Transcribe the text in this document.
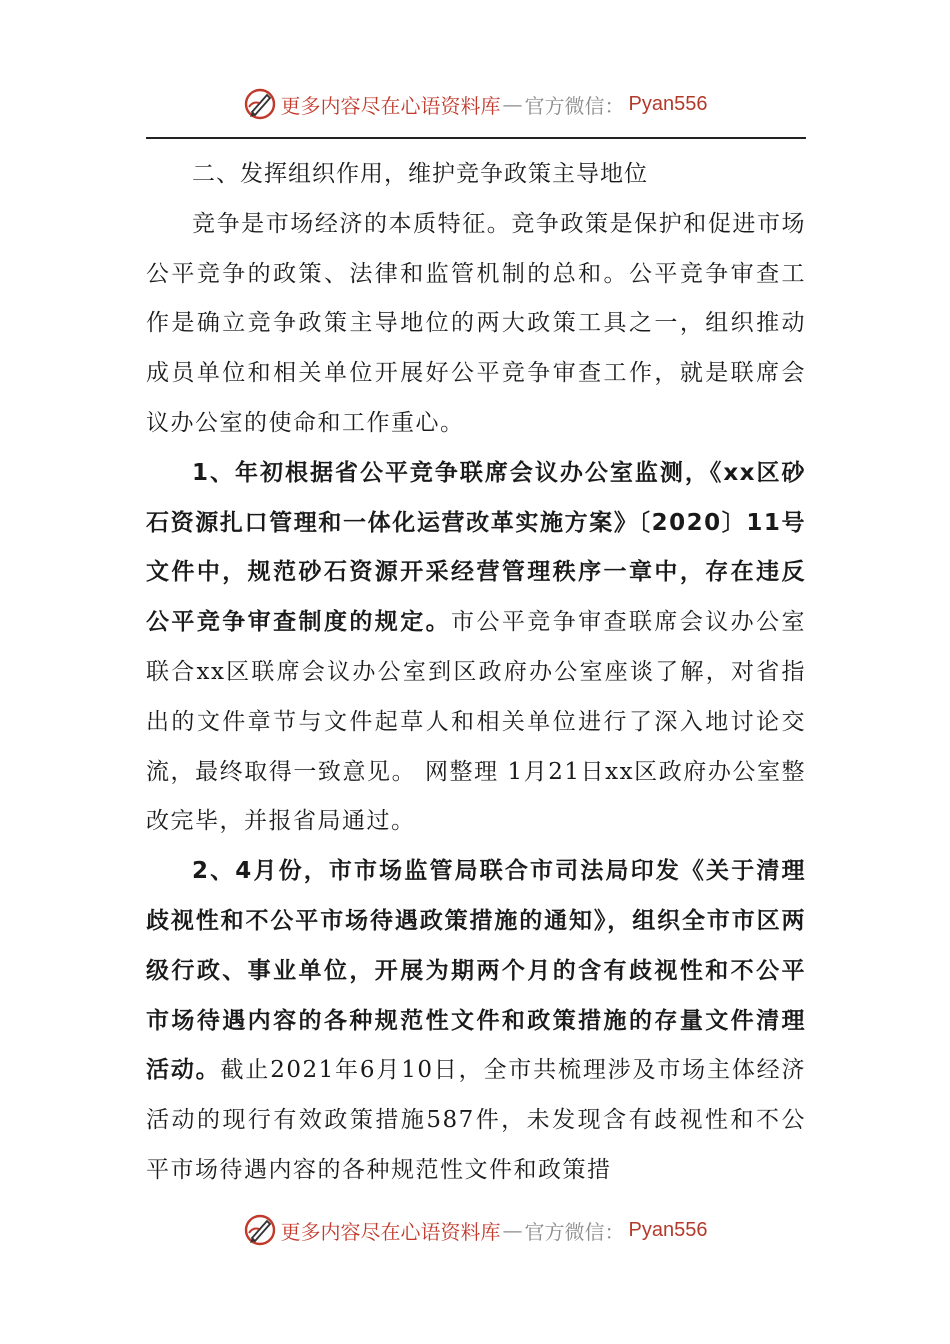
更多内容尽在心语资料库 — 官方微信： Pyan556
二、发挥组织作用，维护竞争政策主导地位

竞争是市场经济的本质特征。竞争政策是保护和促进市场公平竞争的政策、法律和监管机制的总和。公平竞争审查工作是确立竞争政策主导地位的两大政策工具之一，组织推动成员单位和相关单位开展好公平竞争审查工作，就是联席会议办公室的使命和工作重心。

1、年初根据省公平竞争联席会议办公室监测，《xx区砂石资源扎口管理和一体化运营改革实施方案》〔2020〕11号文件中，规范砂石资源开采经营管理秩序一章中，存在违反公平竞争审查制度的规定。市公平竞争审查联席会议办公室联合xx区联席会议办公室到区政府办公室座谈了解，对省指出的文件章节与文件起草人和相关单位进行了深入地讨论交流，最终取得一致意见。 网整理 1月21日xx区政府办公室整改完毕，并报省局通过。

2、4月份，市市场监管局联合市司法局印发《关于清理歧视性和不公平市场待遇政策措施的通知》，组织全市市区两级行政、事业单位，开展为期两个月的含有歧视性和不公平市场待遇内容的各种规范性文件和政策措施的存量文件清理活动。截止2021年6月10日，全市共梳理涉及市场主体经济活动的现行有效政策措施587件，未发现含有歧视性和不公平市场待遇内容的各种规范性文件和政策措

更多内容尽在心语资料库 — 官方微信： Pyan556
